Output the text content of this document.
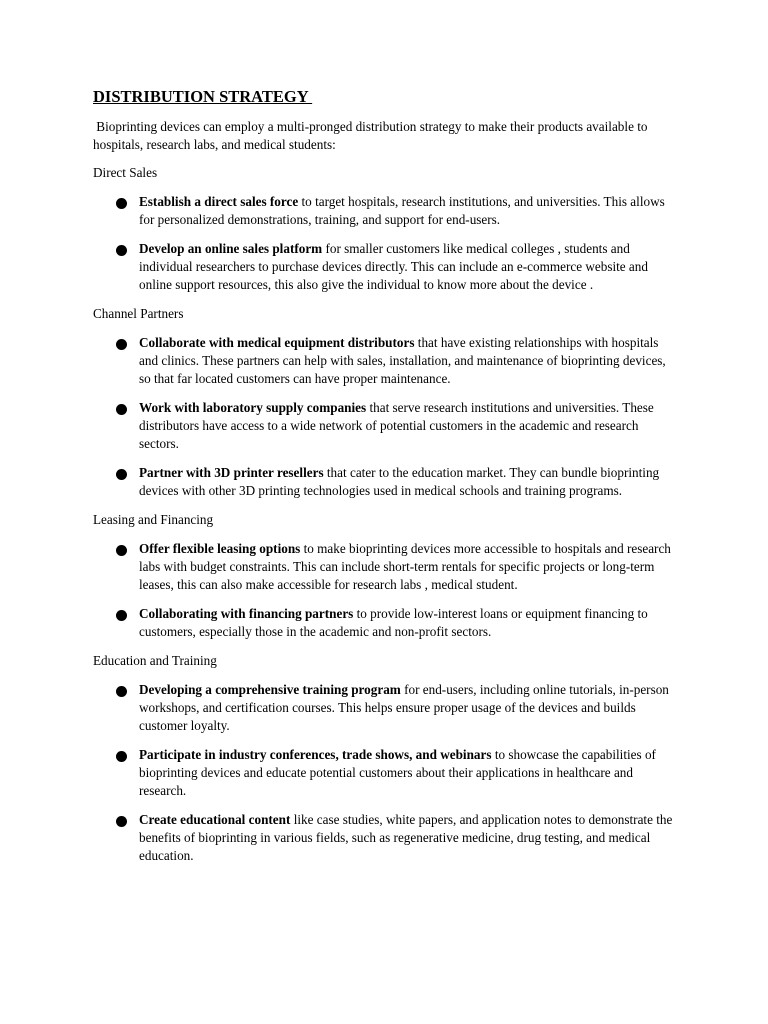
DISTRIBUTION STRATEGY
Bioprinting devices can employ a multi-pronged distribution strategy to make their products available to hospitals, research labs, and medical students:
Direct Sales
Establish a direct sales force to target hospitals, research institutions, and universities. This allows for personalized demonstrations, training, and support for end-users.
Develop an online sales platform for smaller customers like medical colleges , students and individual researchers to purchase devices directly. This can include an e-commerce website and online support resources, this also give the individual to know more about the device .
Channel Partners
Collaborate with medical equipment distributors that have existing relationships with hospitals and clinics. These partners can help with sales, installation, and maintenance of bioprinting devices, so that far located customers can have proper maintenance.
Work with laboratory supply companies that serve research institutions and universities. These distributors have access to a wide network of potential customers in the academic and research sectors.
Partner with 3D printer resellers that cater to the education market. They can bundle bioprinting devices with other 3D printing technologies used in medical schools and training programs.
Leasing and Financing
Offer flexible leasing options to make bioprinting devices more accessible to hospitals and research labs with budget constraints. This can include short-term rentals for specific projects or long-term leases, this can also make accessible for research labs , medical student.
Collaborating with financing partners to provide low-interest loans or equipment financing to customers, especially those in the academic and non-profit sectors.
Education and Training
Developing a comprehensive training program for end-users, including online tutorials, in-person workshops, and certification courses. This helps ensure proper usage of the devices and builds customer loyalty.
Participate in industry conferences, trade shows, and webinars to showcase the capabilities of bioprinting devices and educate potential customers about their applications in healthcare and research.
Create educational content like case studies, white papers, and application notes to demonstrate the benefits of bioprinting in various fields, such as regenerative medicine, drug testing, and medical education.
